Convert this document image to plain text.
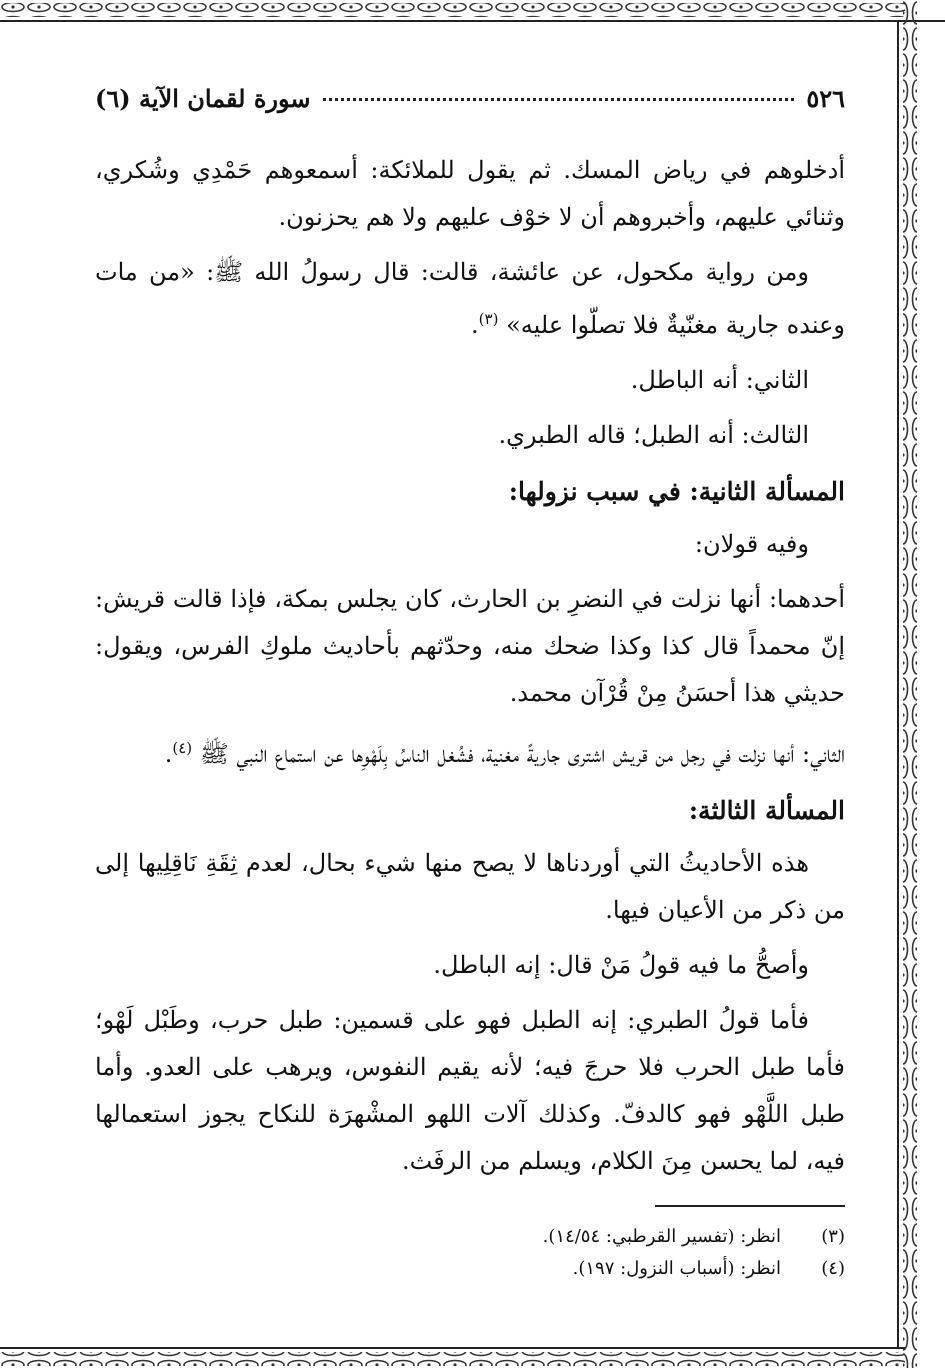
٥٢٦
سورة لقمان الآية (٦)

أدخلوهم في رياض المسك. ثم يقول للملائكة: أسمعوهم حَمْدِي وشُكري، وثنائي عليهم، وأخبروهم أن لا خوْف عليهم ولا هم يحزنون.

ومن رواية مكحول، عن عائشة، قالت: قال رسولُ الله ﷺ: «من مات وعنده جارية مغنّيةٌ فلا تصلّوا عليه» $^{(٣)}$.

الثاني: أنه الباطل.

الثالث: أنه الطبل؛ قاله الطبري.

المسألة الثانية: في سبب نزولها:

وفيه قولان:

أحدهما: أنها نزلت في النضرِ بن الحارث، كان يجلس بمكة، فإذا قالت قريش: إنّ محمداً قال كذا وكذا ضحك منه، وحدّثهم بأحاديث ملوكِ الفرس، ويقول: حديثي هذا أحسَنُ مِنْ قُرْآن محمد.

الثاني: أنها نزلت في رجل من قريش اشترى جاريةً مغنية، فشُغل الناسُ بِلَهْوِها عن استماع النبي ﷺ $^{(٤)}$.

المسألة الثالثة:

هذه الأحاديثُ التي أوردناها لا يصح منها شيء بحال، لعدم ثِقَةِ نَاقِلِيها إلى من ذكر من الأعيان فيها.

وأصحُّ ما فيه قولُ مَنْ قال: إنه الباطل.

فأما قولُ الطبري: إنه الطبل فهو على قسمين: طبل حرب، وطَبْل لَهْو؛ فأما طبل الحرب فلا حرجَ فيه؛ لأنه يقيم النفوس، ويرهب على العدو. وأما طبل اللَّهْو فهو كالدفّ. وكذلك آلات اللهو المشْهرَة للنكاح يجوز استعمالها فيه، لما يحسن مِنَ الكلام، ويسلم من الرفَث.

(٣)
انظر: (تفسير القرطبي: ١٤/٥٤).
(٤)
انظر: (أسباب النزول: ١٩٧).
